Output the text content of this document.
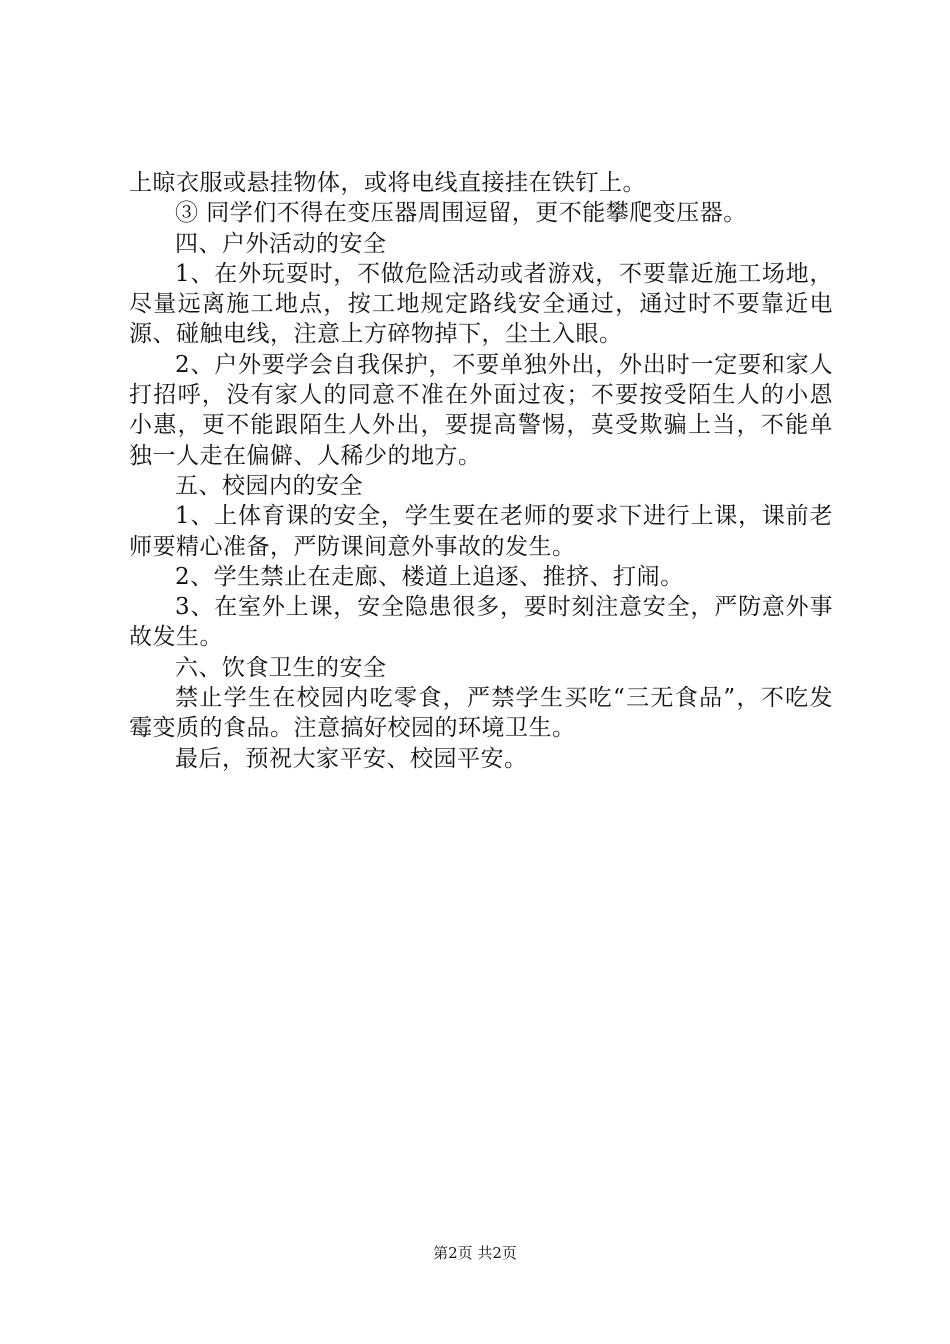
上晾衣服或悬挂物体，或将电线直接挂在铁钉上。

③ 同学们不得在变压器周围逗留，更不能攀爬变压器。

四、户外活动的安全

1、在外玩耍时，不做危险活动或者游戏，不要靠近施工场地，尽量远离施工地点，按工地规定路线安全通过，通过时不要靠近电源、碰触电线，注意上方碎物掉下，尘土入眼。

2、户外要学会自我保护，不要单独外出，外出时一定要和家人打招呼，没有家人的同意不准在外面过夜；不要按受陌生人的小恩小惠，更不能跟陌生人外出，要提高警惕，莫受欺骗上当，不能单独一人走在偏僻、人稀少的地方。

五、校园内的安全

1、上体育课的安全，学生要在老师的要求下进行上课，课前老师要精心准备，严防课间意外事故的发生。

2、学生禁止在走廊、楼道上追逐、推挤、打闹。

3、在室外上课，安全隐患很多，要时刻注意安全，严防意外事故发生。

六、饮食卫生的安全

禁止学生在校园内吃零食，严禁学生买吃“三无食品”，不吃发霉变质的食品。注意搞好校园的环境卫生。

最后，预祝大家平安、校园平安。

第2页 共2页
